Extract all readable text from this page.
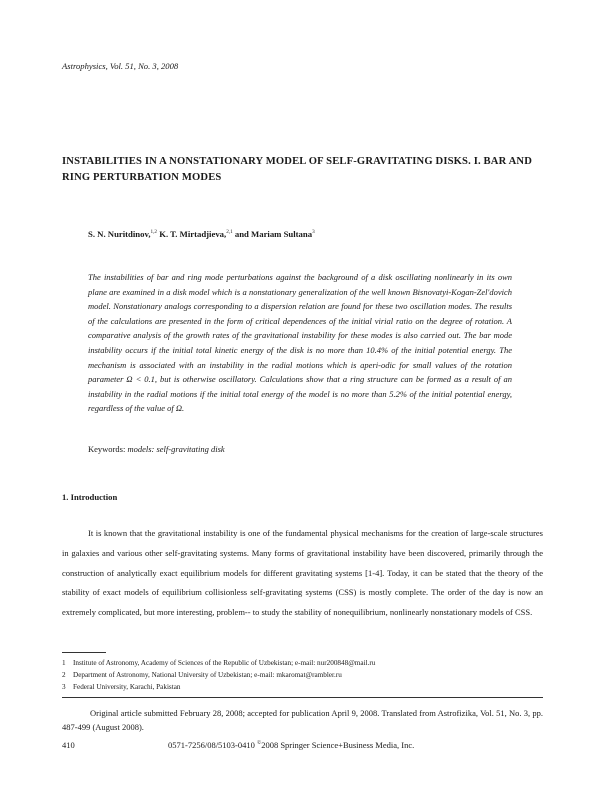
Astrophysics, Vol. 51, No. 3, 2008
INSTABILITIES IN A NONSTATIONARY MODEL OF SELF-GRAVITATING DISKS. I. BAR AND RING PERTURBATION MODES
S. N. Nuritdinov,$^{1,2}$ K. T. Mirtadjieva,$^{2,1}$ and Mariam Sultana$^3$
The instabilities of bar and ring mode perturbations against the background of a disk oscillating nonlinearly in its own plane are examined in a disk model which is a nonstationary generalization of the well known Bisnovatyi-Kogan-Zel'dovich model. Nonstationary analogs corresponding to a dispersion relation are found for these two oscillation modes. The results of the calculations are presented in the form of critical dependences of the initial virial ratio on the degree of rotation. A comparative analysis of the growth rates of the gravitational instability for these modes is also carried out. The bar mode instability occurs if the initial total kinetic energy of the disk is no more than 10.4% of the initial potential energy. The mechanism is associated with an instability in the radial motions which is aperi-odic for small values of the rotation parameter Ω < 0.1, but is otherwise oscillatory. Calculations show that a ring structure can be formed as a result of an instability in the radial motions if the initial total energy of the model is no more than 5.2% of the initial potential energy, regardless of the value of Ω.
Keywords: models: self-gravitating disk
1. Introduction
It is known that the gravitational instability is one of the fundamental physical mechanisms for the creation of large-scale structures in galaxies and various other self-gravitating systems. Many forms of gravitational instability have been discovered, primarily through the construction of analytically exact equilibrium models for different gravitating systems [1-4]. Today, it can be stated that the theory of the stability of exact models of equilibrium collisionless self-gravitating systems (CSS) is mostly complete. The order of the day is now an extremely complicated, but more interesting, problem-- to study the stability of nonequilibrium, nonlinearly nonstationary models of CSS.
1 Institute of Astronomy, Academy of Sciences of the Republic of Uzbekistan; e-mail: nur200848@mail.ru
2 Department of Astronomy, National University of Uzbekistan; e-mail: mkaromat@rambler.ru
3 Federal University, Karachi, Pakistan
Original article submitted February 28, 2008; accepted for publication April 9, 2008. Translated from Astrofizika, Vol. 51, No. 3, pp. 487-499 (August 2008).
410	0571-7256/08/5103-0410 ©2008 Springer Science+Business Media, Inc.
